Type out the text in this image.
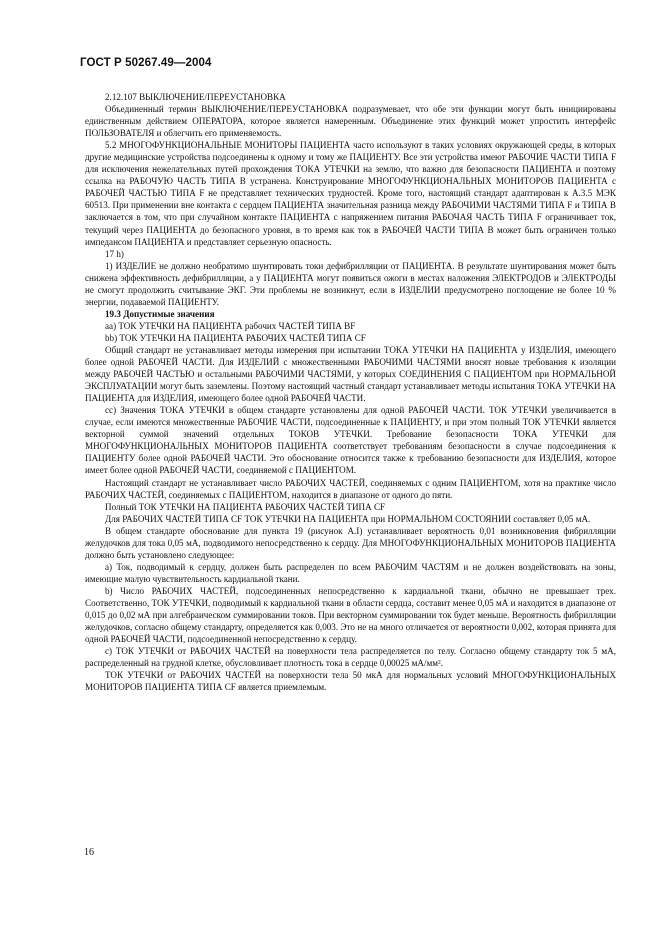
ГОСТ Р 50267.49—2004

2.12.107 ВЫКЛЮЧЕНИЕ/ПЕРЕУСТАНОВКА

Объединенный термин ВЫКЛЮЧЕНИЕ/ПЕРЕУСТАНОВКА подразумевает, что обе эти функции могут быть инициированы единственным действием ОПЕРАТОРА, которое является намеренным. Объединение этих функций может упростить интерфейс ПОЛЬЗОВАТЕЛЯ и облегчить его применяемость.

5.2 МНОГОФУНКЦИОНАЛЬНЫЕ МОНИТОРЫ ПАЦИЕНТА часто используют в таких условиях окружающей среды, в которых другие медицинские устройства подсоединены к одному и тому же ПАЦИЕНТУ. Все эти устройства имеют РАБОЧИЕ ЧАСТИ ТИПА F для исключения нежелательных путей прохождения ТОКА УТЕЧКИ на землю, что важно для безопасности ПАЦИЕНТА и поэтому ссылка на РАБОЧУЮ ЧАСТЬ ТИПА В устранена. Конструирование МНОГОФУНКЦИОНАЛЬНЫХ МОНИТОРОВ ПАЦИЕНТА с РАБОЧЕЙ ЧАСТЬЮ ТИПА F не представляет технических трудностей. Кроме того, настоящий стандарт адаптирован к А.3.5 МЭК 60513. При применении вне контакта с сердцем ПАЦИЕНТА значительная разница между РАБОЧИМИ ЧАСТЯМИ ТИПА F и ТИПА В заключается в том, что при случайном контакте ПАЦИЕНТА с напряжением питания РАБОЧАЯ ЧАСТЬ ТИПА F ограничивает ток, текущий через ПАЦИЕНТА до безопасного уровня, в то время как ток в РАБОЧЕЙ ЧАСТИ ТИПА В может быть ограничен только импедансом ПАЦИЕНТА и представляет серьезную опасность.

17 h)

1) ИЗДЕЛИЕ не должно необратимо шунтировать токи дефибрилляции от ПАЦИЕНТА. В результате шунтирования может быть снижена эффективность дефибрилляции, а у ПАЦИЕНТА могут появиться ожоги в местах наложения ЭЛЕКТРОДОВ и ЭЛЕКТРОДЫ не смогут продолжить считывание ЭКГ. Эти проблемы не возникнут, если в ИЗДЕЛИИ предусмотрено поглощение не более 10 % энергии, подаваемой ПАЦИЕНТУ.

19.3 Допустимые значения

аа) ТОК УТЕЧКИ НА ПАЦИЕНТА рабочих ЧАСТЕЙ ТИПА BF

bb) ТОК УТЕЧКИ НА ПАЦИЕНТА РАБОЧИХ ЧАСТЕЙ ТИПА CF

Общий стандарт не устанавливает методы измерения при испытании ТОКА УТЕЧКИ НА ПАЦИЕНТА у ИЗДЕЛИЯ, имеющего более одной РАБОЧЕЙ ЧАСТИ. Для ИЗДЕЛИЙ с множественными РАБОЧИМИ ЧАСТЯМИ вносят новые требования к изоляции между РАБОЧЕЙ ЧАСТЬЮ и остальными РАБОЧИМИ ЧАСТЯМИ, у которых СОЕДИНЕНИЯ С ПАЦИЕНТОМ при НОРМАЛЬНОЙ ЭКСПЛУАТАЦИИ могут быть заземлены. Поэтому настоящий частный стандарт устанавливает методы испытания ТОКА УТЕЧКИ НА ПАЦИЕНТА для ИЗДЕЛИЯ, имеющего более одной РАБОЧЕЙ ЧАСТИ.

сс) Значения ТОКА УТЕЧКИ в общем стандарте установлены для одной РАБОЧЕЙ ЧАСТИ. ТОК УТЕЧКИ увеличивается в случае, если имеются множественные РАБОЧИЕ ЧАСТИ, подсоединенные к ПАЦИЕНТУ, и при этом полный ТОК УТЕЧКИ является векторной суммой значений отдельных ТОКОВ УТЕЧКИ. Требование безопасности ТОКА УТЕЧКИ для МНОГОФУНКЦИОНАЛЬНЫХ МОНИТОРОВ ПАЦИЕНТА соответствует требованиям безопасности в случае подсоединения к ПАЦИЕНТУ более одной РАБОЧЕЙ ЧАСТИ. Это обоснование относится также к требованию безопасности для ИЗДЕЛИЯ, которое имеет более одной РАБОЧЕЙ ЧАСТИ, соединяемой с ПАЦИЕНТОМ.

Настоящий стандарт не устанавливает число РАБОЧИХ ЧАСТЕЙ, соединяемых с одним ПАЦИЕНТОМ, хотя на практике число РАБОЧИХ ЧАСТЕЙ, соединяемых с ПАЦИЕНТОМ, находится в диапазоне от одного до пяти.

Полный ТОК УТЕЧКИ НА ПАЦИЕНТА РАБОЧИХ ЧАСТЕЙ ТИПА CF

Для РАБОЧИХ ЧАСТЕЙ ТИПА CF ТОК УТЕЧКИ НА ПАЦИЕНТА при НОРМАЛЬНОМ СОСТОЯНИИ составляет 0,05 мА.

В общем стандарте обоснование для пункта 19 (рисунок А.I) устанавливает вероятность 0,01 возникновения фибрилляции желудочков для тока 0,05 мА, подводимого непосредственно к сердцу. Для МНОГОФУНКЦИОНАЛЬНЫХ МОНИТОРОВ ПАЦИЕНТА должно быть установлено следующее:

а) Ток, подводимый к сердцу, должен быть распределен по всем РАБОЧИМ ЧАСТЯМ и не должен воздействовать на зоны, имеющие малую чувствительность кардиальной ткани.

b) Число РАБОЧИХ ЧАСТЕЙ, подсоединенных непосредственно к кардиальной ткани, обычно не превышает трех. Соответственно, ТОК УТЕЧКИ, подводимый к кардиальной ткани в области сердца, составит менее 0,05 мА и находится в диапазоне от 0,015 до 0,02 мА при алгебраическом суммировании токов. При векторном суммировании ток будет меньше. Вероятность фибрилляции желудочков, согласно общему стандарту, определяется как 0,003. Это не на много отличается от вероятности 0,002, которая принята для одной РАБОЧЕЙ ЧАСТИ, подсоединенной непосредственно к сердцу.

с) ТОК УТЕЧКИ от РАБОЧИХ ЧАСТЕЙ на поверхности тела распределяется по телу. Согласно общему стандарту ток 5 мА, распределенный на грудной клетке, обусловливает плотность тока в сердце 0,00025 мА/мм².

ТОК УТЕЧКИ от РАБОЧИХ ЧАСТЕЙ на поверхности тела 50 мкА для нормальных условий МНОГОФУНКЦИОНАЛЬНЫХ МОНИТОРОВ ПАЦИЕНТА ТИПА CF является приемлемым.

16
